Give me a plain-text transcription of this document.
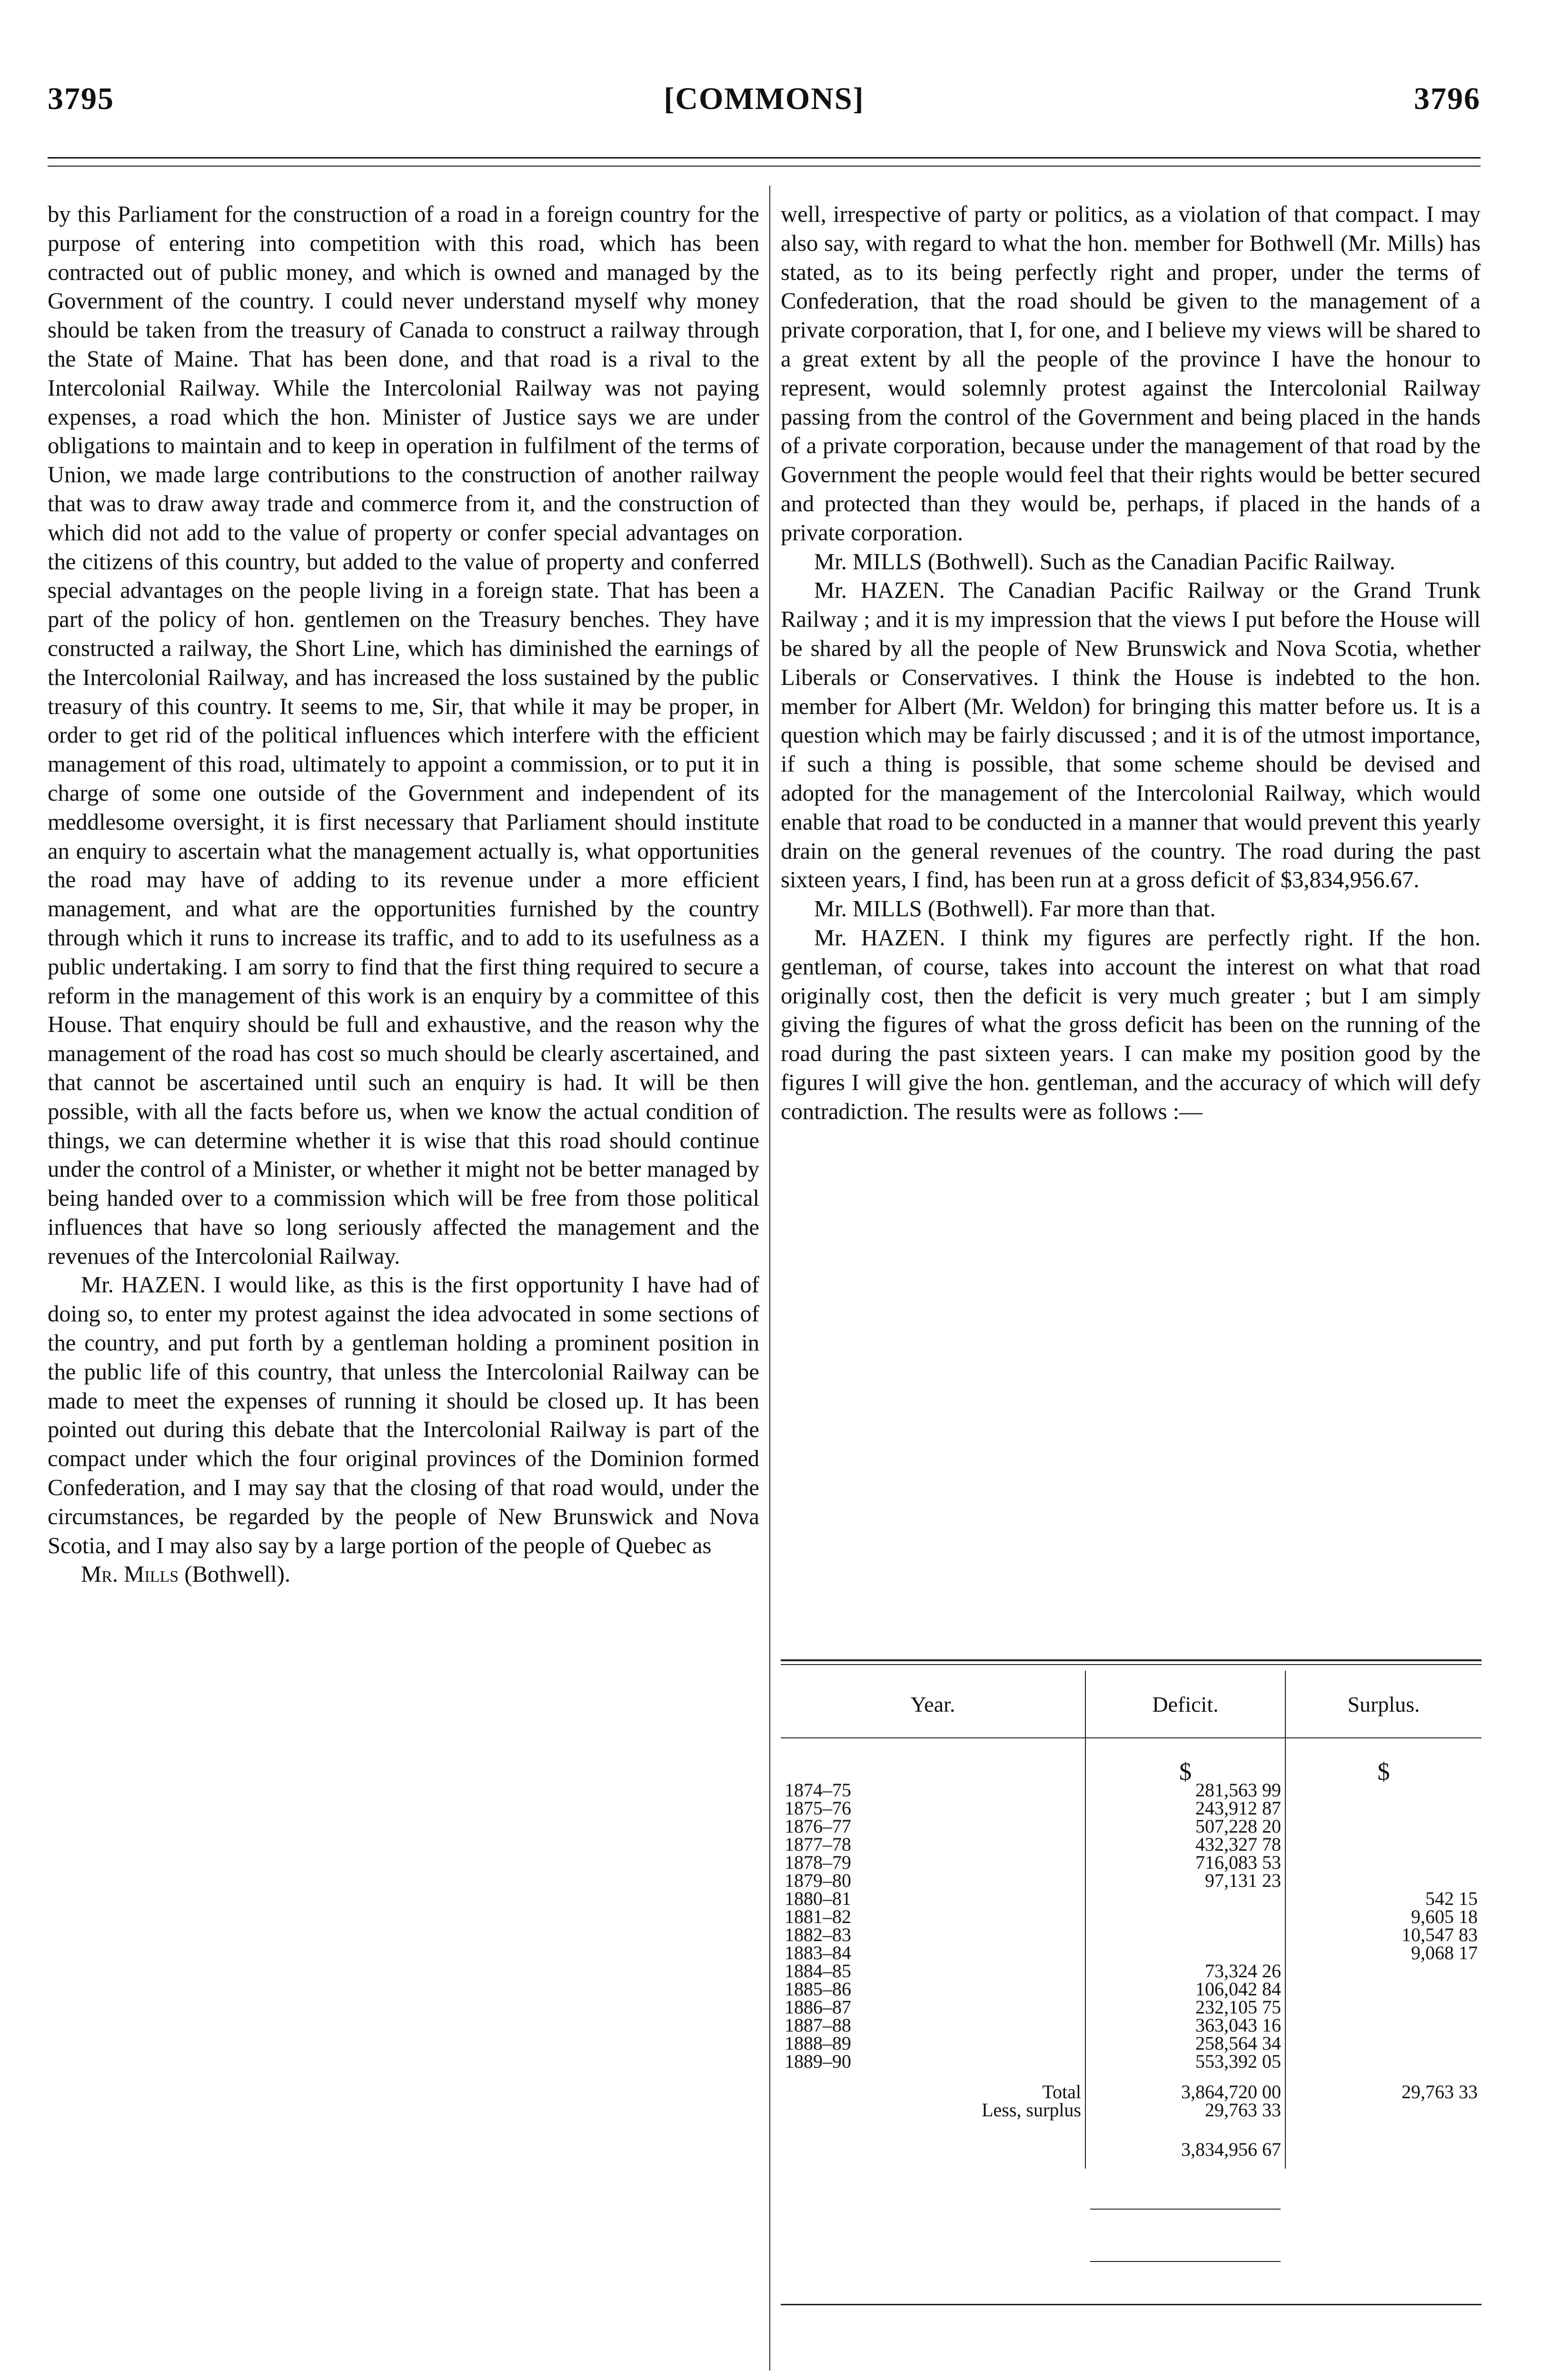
3795	[COMMONS]	3796

by this Parliament for the construction of a road in a foreign country for the purpose of entering into competition with this road, which has been contracted out of public money, and which is owned and managed by the Government of the country. I could never understand myself why money should be taken from the treasury of Canada to construct a railway through the State of Maine. That has been done, and that road is a rival to the Intercolonial Railway. While the Intercolonial Railway was not paying expenses, a road which the hon. Minister of Justice says we are under obligations to maintain and to keep in operation in fulfilment of the terms of Union, we made large contributions to the construction of another railway that was to draw away trade and commerce from it, and the construction of which did not add to the value of property or confer special advantages on the citizens of this country, but added to the value of property and conferred special advantages on the people living in a foreign state. That has been a part of the policy of hon. gentlemen on the Treasury benches. They have constructed a railway, the Short Line, which has diminished the earnings of the Intercolonial Railway, and has increased the loss sustained by the public treasury of this country. It seems to me, Sir, that while it may be proper, in order to get rid of the political influences which interfere with the efficient management of this road, ultimately to appoint a commission, or to put it in charge of some one outside of the Government and independent of its meddlesome oversight, it is first necessary that Parliament should institute an enquiry to ascertain what the management actually is, what opportunities the road may have of adding to its revenue under a more efficient management, and what are the opportunities furnished by the country through which it runs to increase its traffic, and to add to its usefulness as a public undertaking. I am sorry to find that the first thing required to secure a reform in the management of this work is an enquiry by a committee of this House. That enquiry should be full and exhaustive, and the reason why the management of the road has cost so much should be clearly ascertained, and that cannot be ascertained until such an enquiry is had. It will be then possible, with all the facts before us, when we know the actual condition of things, we can determine whether it is wise that this road should continue under the control of a Minister, or whether it might not be better managed by being handed over to a commission which will be free from those political influences that have so long seriously affected the management and the revenues of the Intercolonial Railway.

Mr. HAZEN. I would like, as this is the first opportunity I have had of doing so, to enter my protest against the idea advocated in some sections of the country, and put forth by a gentleman holding a prominent position in the public life of this country, that unless the Intercolonial Railway can be made to meet the expenses of running it should be closed up. It has been pointed out during this debate that the Intercolonial Railway is part of the compact under which the four original provinces of the Dominion formed Confederation, and I may say that the closing of that road would, under the circumstances, be regarded by the people of New Brunswick and Nova Scotia, and I may also say by a large portion of the people of Quebec as

Mr. Mills (Bothwell).

well, irrespective of party or politics, as a violation of that compact. I may also say, with regard to what the hon. member for Bothwell (Mr. Mills) has stated, as to its being perfectly right and proper, under the terms of Confederation, that the road should be given to the management of a private corporation, that I, for one, and I believe my views will be shared to a great extent by all the people of the province I have the honour to represent, would solemnly protest against the Intercolonial Railway passing from the control of the Government and being placed in the hands of a private corporation, because under the management of that road by the Government the people would feel that their rights would be better secured and protected than they would be, perhaps, if placed in the hands of a private corporation.

Mr. MILLS (Bothwell). Such as the Canadian Pacific Railway.

Mr. HAZEN. The Canadian Pacific Railway or the Grand Trunk Railway ; and it is my impression that the views I put before the House will be shared by all the people of New Brunswick and Nova Scotia, whether Liberals or Conservatives. I think the House is indebted to the hon. member for Albert (Mr. Weldon) for bringing this matter before us. It is a question which may be fairly discussed ; and it is of the utmost importance, if such a thing is possible, that some scheme should be devised and adopted for the management of the Intercolonial Railway, which would enable that road to be conducted in a manner that would prevent this yearly drain on the general revenues of the country. The road during the past sixteen years, I find, has been run at a gross deficit of $3,834,956.67.

Mr. MILLS (Bothwell). Far more than that.

Mr. HAZEN. I think my figures are perfectly right. If the hon. gentleman, of course, takes into account the interest on what that road originally cost, then the deficit is very much greater ; but I am simply giving the figures of what the gross deficit has been on the running of the road during the past sixteen years. I can make my position good by the figures I will give the hon. gentleman, and the accuracy of which will defy contradiction. The results were as follows :—

Year.	Deficit.	Surplus.
	$	$
1874–75	281,563 99	
1875–76	243,912 87	
1876–77	507,228 20	
1877–78	432,327 78	
1878–79	716,083 53	
1879–80	97,131 23	
1880–81		542 15
1881–82		9,605 18
1882–83		10,547 83
1883–84		9,068 17
1884–85	73,324 26	
1885–86	106,042 84	
1886–87	232,105 75	
1887–88	363,043 16	
1888–89	258,564 34	
1889–90	553,392 05	
Total	3,864,720 00	29,763 33
Less, surplus	29,763 33	
	3,834,956 67	
